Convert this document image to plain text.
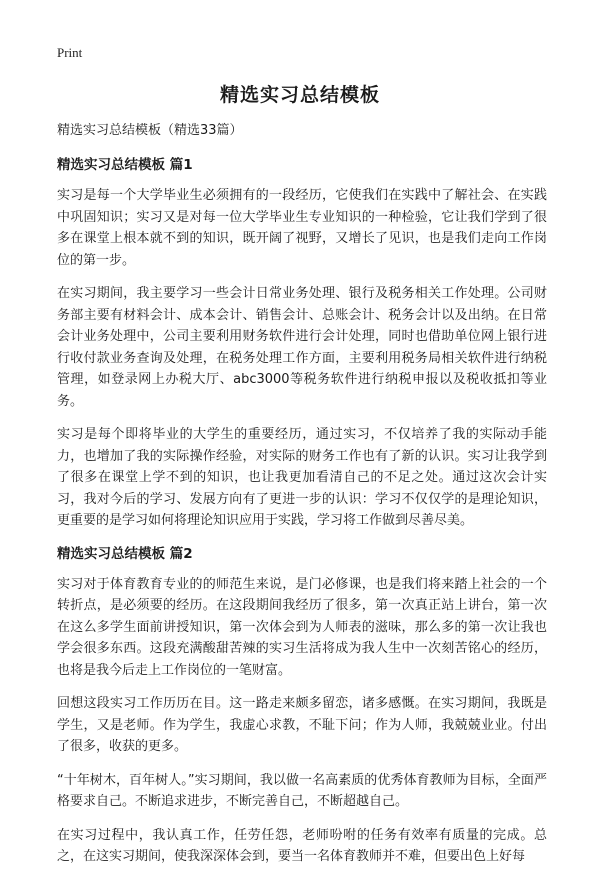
Print
精选实习总结模板

精选实习总结模板（精选33篇）

精选实习总结模板 篇1

实习是每一个大学毕业生必须拥有的一段经历，它使我们在实践中了解社会、在实践中巩固知识；实习又是对每一位大学毕业生专业知识的一种检验，它让我们学到了很多在课堂上根本就不到的知识，既开阔了视野，又增长了见识，也是我们走向工作岗位的第一步。

在实习期间，我主要学习一些会计日常业务处理、银行及税务相关工作处理。公司财务部主要有材料会计、成本会计、销售会计、总账会计、税务会计以及出纳。在日常会计业务处理中，公司主要利用财务软件进行会计处理，同时也借助单位网上银行进行收付款业务查询及处理，在税务处理工作方面，主要利用税务局相关软件进行纳税管理，如登录网上办税大厅、abc3000等税务软件进行纳税申报以及税收抵扣等业务。

实习是每个即将毕业的大学生的重要经历，通过实习，不仅培养了我的实际动手能力，也增加了我的实际操作经验，对实际的财务工作也有了新的认识。实习让我学到了很多在课堂上学不到的知识，也让我更加看清自己的不足之处。通过这次会计实习，我对今后的学习、发展方向有了更进一步的认识：学习不仅仅学的是理论知识，更重要的是学习如何将理论知识应用于实践，学习将工作做到尽善尽美。

精选实习总结模板 篇2

实习对于体育教育专业的的师范生来说，是门必修课，也是我们将来踏上社会的一个转折点，是必须要的经历。在这段期间我经历了很多，第一次真正站上讲台，第一次在这么多学生面前讲授知识，第一次体会到为人师表的滋味，那么多的第一次让我也学会很多东西。这段充满酸甜苦辣的实习生活将成为我人生中一次刻苦铭心的经历，也将是我今后走上工作岗位的一笔财富。

回想这段实习工作历历在目。这一路走来颇多留恋，诸多感慨。在实习期间，我既是学生，又是老师。作为学生，我虚心求教，不耻下问；作为人师，我兢兢业业。付出了很多，收获的更多。

“十年树木，百年树人。”实习期间，我以做一名高素质的优秀体育教师为目标，全面严格要求自己。不断追求进步，不断完善自己，不断超越自己。

在实习过程中，我认真工作，任劳任怨，老师吩咐的任务有效率有质量的完成。总之，在这实习期间，使我深深体会到，要当一名体育教师并不难，但要出色上好每
